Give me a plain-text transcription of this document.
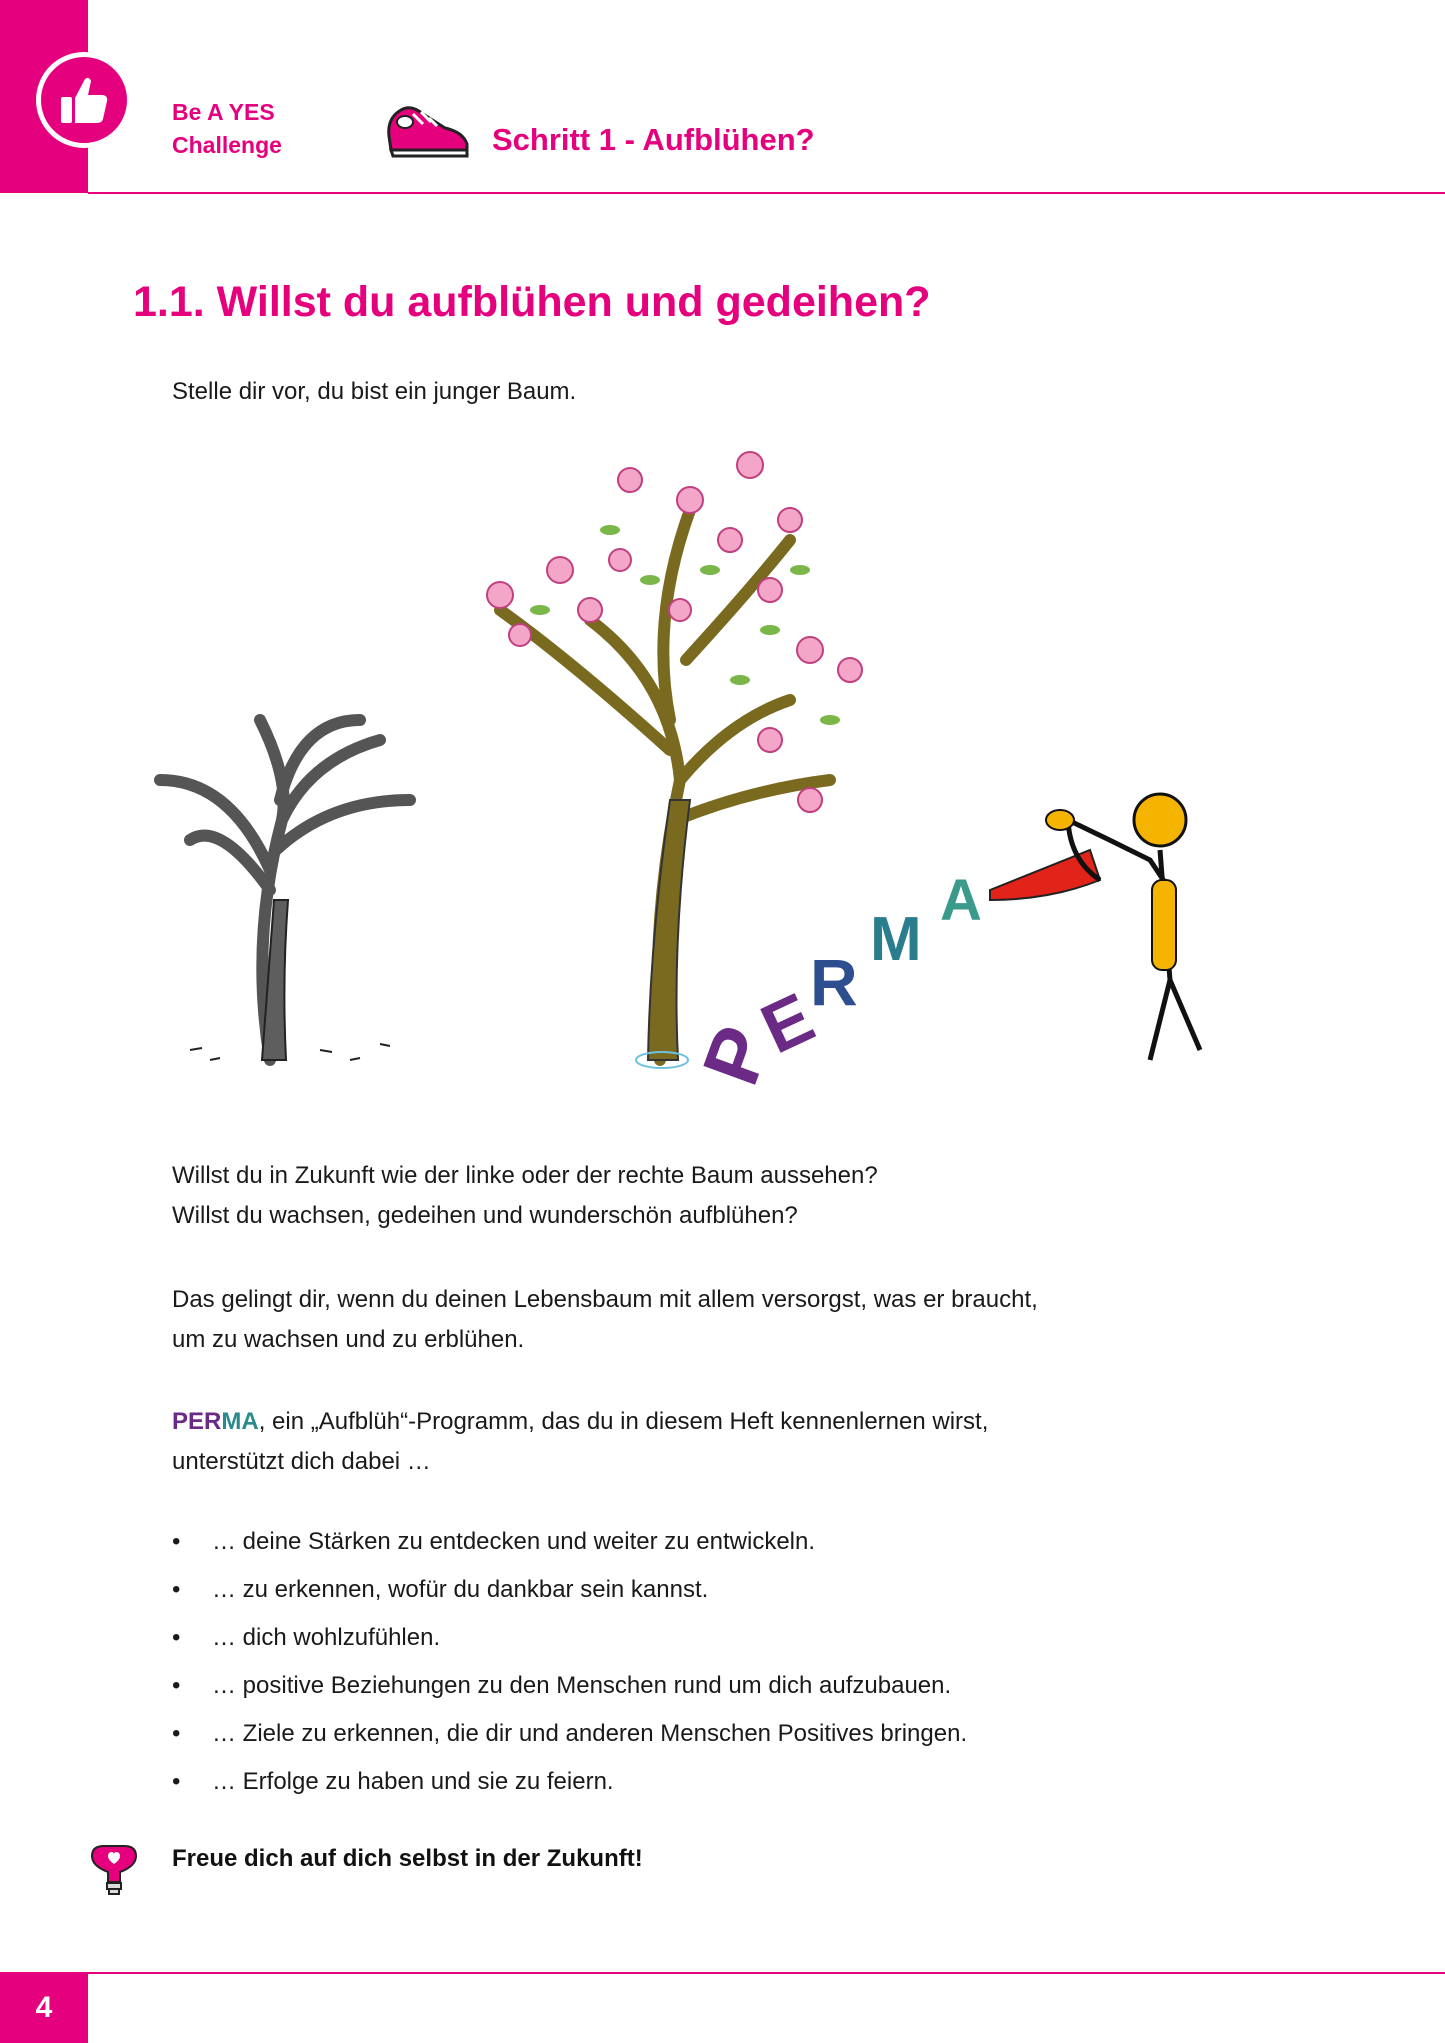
Be A YES
Challenge	Schritt 1 - Aufblühen?
1.1. Willst du aufblühen und gedeihen?
Stelle dir vor, du bist ein junger Baum.
P
E
R
M
A
Willst du in Zukunft wie der linke oder der rechte Baum aussehen?
Willst du wachsen, gedeihen und wunderschön aufblühen?
Das gelingt dir, wenn du deinen Lebensbaum mit allem versorgst, was er braucht,
um zu wachsen und zu erblühen.
PERMA, ein „Aufblüh“-Programm, das du in diesem Heft kennenlernen wirst,
unterstützt dich dabei …
• … deine Stärken zu entdecken und weiter zu entwickeln.
• … zu erkennen, wofür du dankbar sein kannst.
• … dich wohlzufühlen.
• … positive Beziehungen zu den Menschen rund um dich aufzubauen.
• … Ziele zu erkennen, die dir und anderen Menschen Positives bringen.
• … Erfolge zu haben und sie zu feiern.
Freue dich auf dich selbst in der Zukunft!
4
